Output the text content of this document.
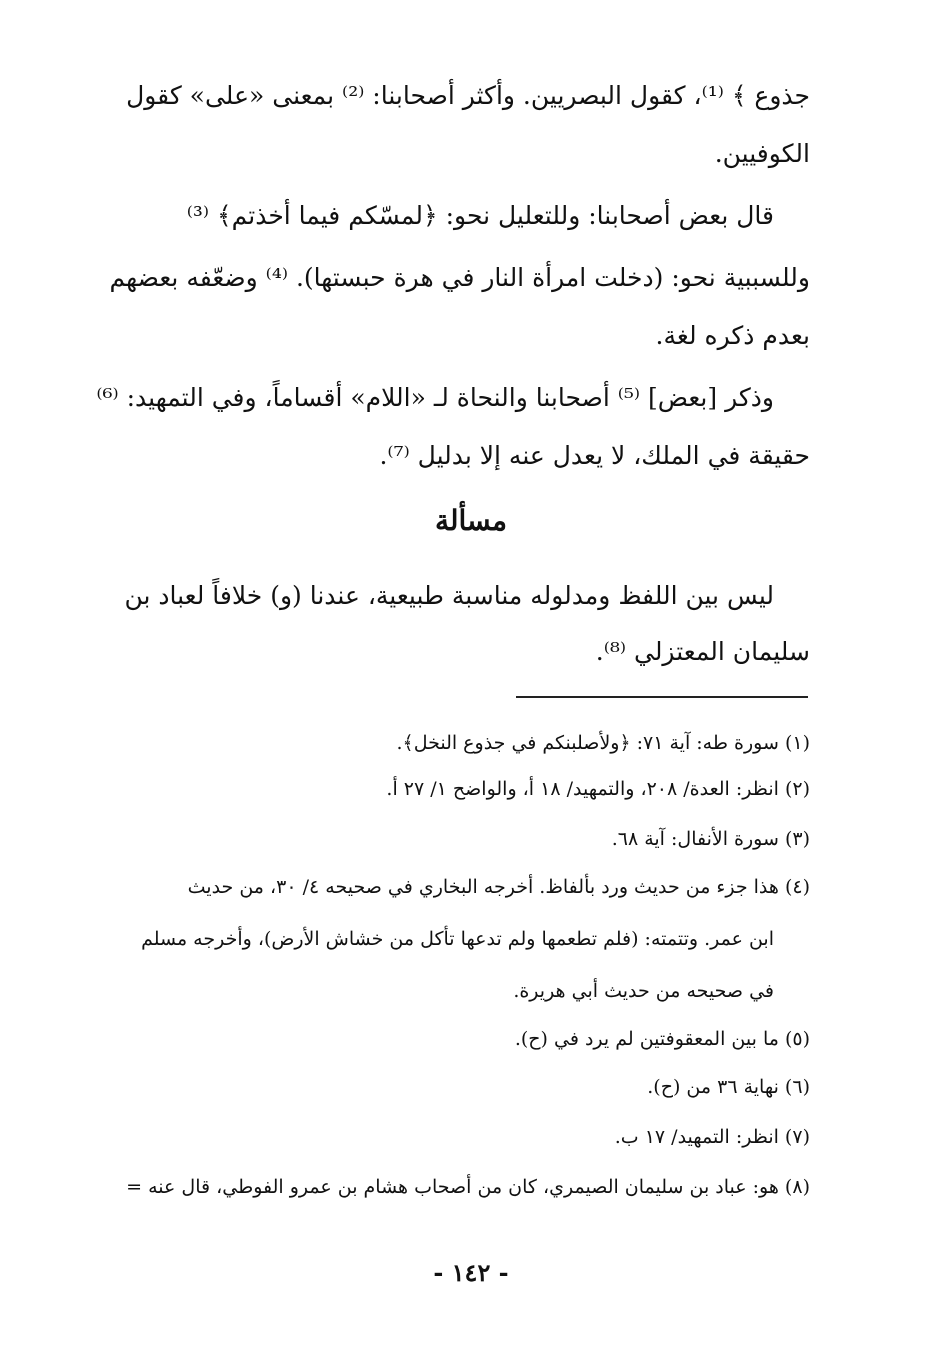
جذوع ﴾ ⁽¹⁾، كقول البصريين. وأكثر أصحابنا: ⁽²⁾ بمعنى «على» كقول
الكوفيين.
قال بعض أصحابنا: وللتعليل نحو: ﴿لمسّكم فيما أخذتم﴾ ⁽³⁾
وللسببية نحو: (دخلت امرأة النار في هرة حبستها). ⁽⁴⁾ وضعّفه بعضهم
بعدم ذكره لغة.
وذكر [بعض] ⁽⁵⁾ أصحابنا والنحاة لـ «اللام» أقساماً، وفي التمهيد: ⁽⁶⁾
حقيقة في الملك، لا يعدل عنه إلا بدليل ⁽⁷⁾.
مسألة
ليس بين اللفظ ومدلوله مناسبة طبيعية، عندنا (و) خلافاً لعباد بن
سليمان المعتزلي ⁽⁸⁾.
(١) سورة طه: آية ٧١: ﴿ولأصلبنكم في جذوع النخل﴾.
(٢) انظر: العدة/ ٢٠٨، والتمهيد/ ١٨ أ، والواضح ١/ ٢٧ أ.
(٣) سورة الأنفال: آية ٦٨.
(٤) هذا جزء من حديث ورد بألفاظ. أخرجه البخاري في صحيحه ٤/ ٣٠، من حديث
ابن عمر. وتتمته: (فلم تطعمها ولم تدعها تأكل من خشاش الأرض)، وأخرجه مسلم
في صحيحه من حديث أبي هريرة.
(٥) ما بين المعقوفتين لم يرد في (ح).
(٦) نهاية ٣٦ من (ح).
(٧) انظر: التمهيد/ ١٧ ب.
(٨) هو: عباد بن سليمان الصيمري، كان من أصحاب هشام بن عمرو الفوطي، قال عنه =
- ١٤٢ -
